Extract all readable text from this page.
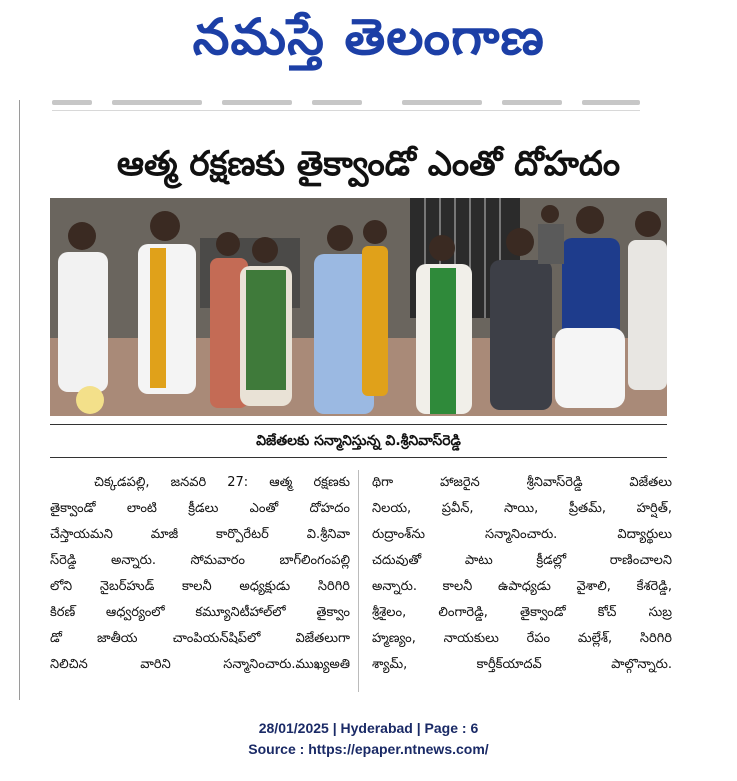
నమస్తే తెలంగాణ
ఆత్మ రక్షణకు తైక్వాండో ఎంతో దోహదం
విజేతలకు సన్మానిస్తున్న వి.శ్రీనివాస్‌రెడ్డి

చిక్కడపల్లి, జనవరి 27: ఆత్మ రక్షణకు

తైక్వాండో లాంటి క్రీడలు ఎంతో దోహదం

చేస్తాయమని మాజీ కార్పొరేటర్ వి.శ్రీనివా

స్‌రెడ్డి అన్నారు. సోమవారం బాగ్‌లింగంపల్లి

లోని నైబర్‌హుడ్ కాలనీ అధ్యక్షుడు సిరిగిరి

కిరణ్ ఆధ్వర్యంలో కమ్యూనిటీహాల్‌లో తైక్వాం

డో జాతీయ చాంపియన్‌షిప్‌లో విజేతలుగా

నిలిచిన వారిని సన్మానించారు.ముఖ్యఅతి

థిగా హాజరైన శ్రీనివాస్‌రెడ్డి విజేతలు

నిలయ, ప్రవీన్, సాయి, ప్రీతమ్, హర్షిత్,

రుద్రాంశ్‌ను సన్మానించారు. విద్యార్థులు

చదువుతో పాటు క్రీడల్లో రాణించాలని

అన్నారు. కాలనీ ఉపాధ్యడు వైశాలి, కేశరెడ్డి,

శ్రీశైలం, లింగారెడ్డి, తైక్వాండో కోచ్ సుబ్ర

హ్మణ్యం, నాయకులు రేపం మల్లేశ్, సిరిగిరి

శ్యామ్, కార్తీక్‌యాదవ్ పాల్గొన్నారు.

28/01/2025 | Hyderabad | Page : 6
Source : https://epaper.ntnews.com/
